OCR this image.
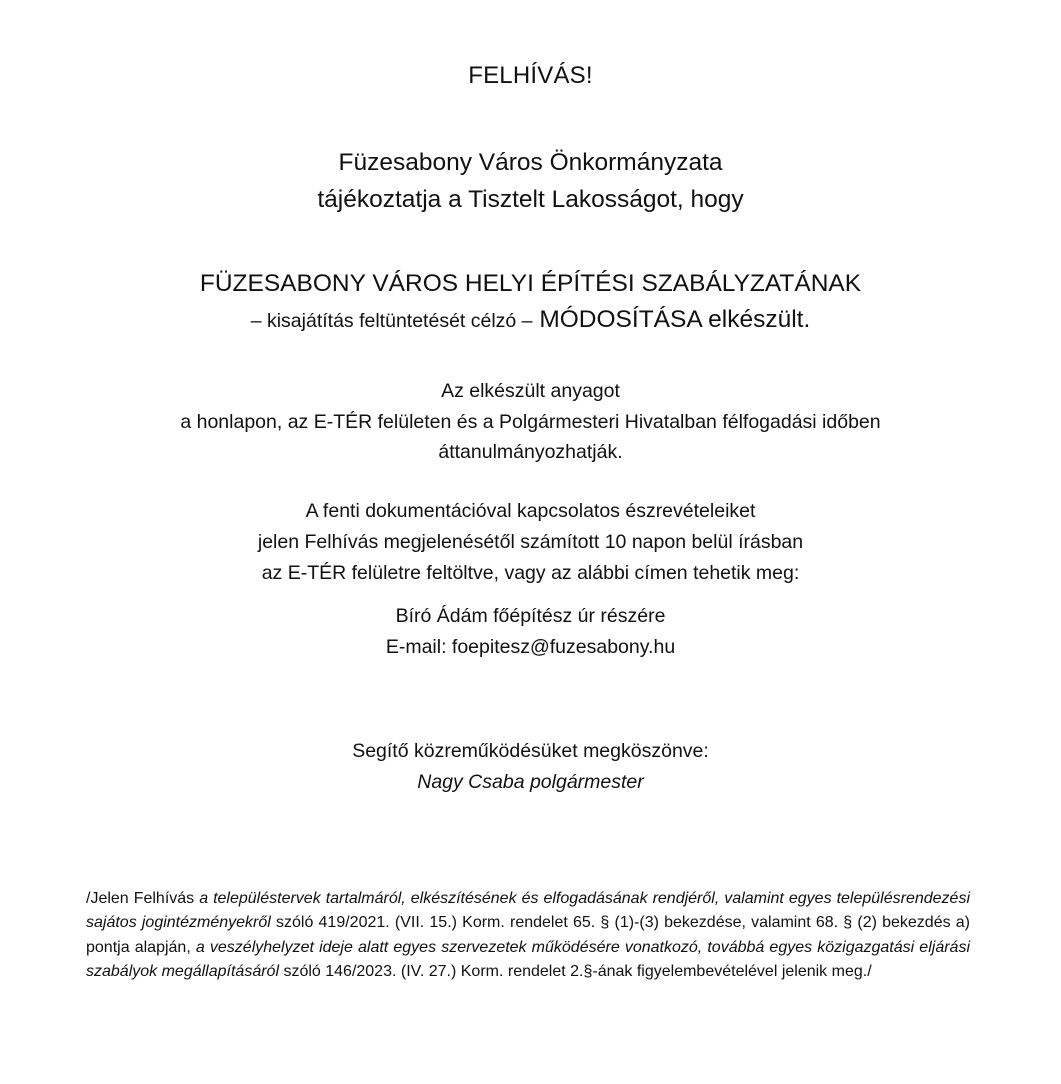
FELHÍVÁS!
Füzesabony Város Önkormányzata
tájékoztatja a Tisztelt Lakosságot, hogy
FÜZESABONY VÁROS HELYI ÉPÍTÉSI SZABÁLYZATÁNAK
– kisajátítás feltüntetését célzó – MÓDOSÍTÁSA elkészült.
Az elkészült anyagot
a honlapon, az E-TÉR felületen és a Polgármesteri Hivatalban félfogadási időben
áttanulmányozhatják.
A fenti dokumentációval kapcsolatos észrevételeiket
jelen Felhívás megjelenésétől számított 10 napon belül írásban
az E-TÉR felületre feltöltve, vagy az alábbi címen tehetik meg:
Bíró Ádám főépítész úr részére
E-mail: foepitesz@fuzesabony.hu
Segítő közreműködésüket megköszönve:
Nagy Csaba polgármester
/Jelen Felhívás a településtervek tartalmáról, elkészítésének és elfogadásának rendjéről, valamint egyes településrendezési sajátos jogintézményekről szóló 419/2021. (VII. 15.) Korm. rendelet 65. § (1)-(3) bekezdése, valamint 68. § (2) bekezdés a) pontja alapján, a veszélyhelyzet ideje alatt egyes szervezetek működésére vonatkozó, továbbá egyes közigazgatási eljárási szabályok megállapításáról szóló 146/2023. (IV. 27.) Korm. rendelet 2.§-ának figyelembevételével jelenik meg./
